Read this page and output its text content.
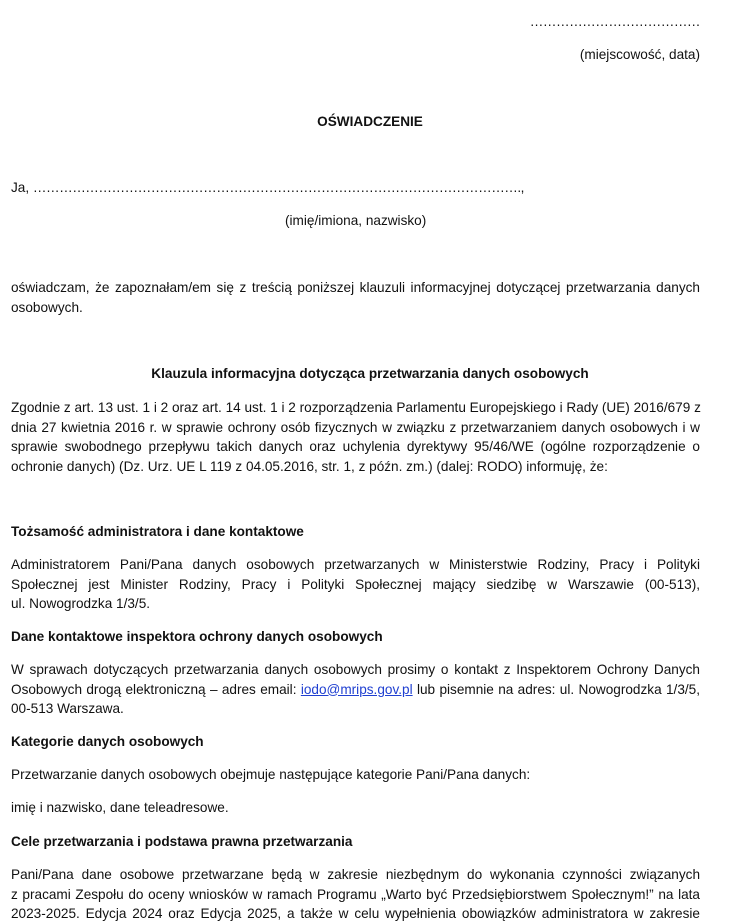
…………………………………

(miejscowość, data)

OŚWIADCZENIE

Ja, ………………………………………………………………………………………………….,

(imię/imiona, nazwisko)

oświadczam, że zapoznałam/em się z treścią poniższej klauzuli informacyjnej dotyczącej przetwarzania danych
osobowych.

Klauzula informacyjna dotycząca przetwarzania danych osobowych

Zgodnie z art. 13 ust. 1 i 2 oraz art. 14 ust. 1 i 2 rozporządzenia Parlamentu Europejskiego i Rady (UE) 2016/679 z
dnia 27 kwietnia 2016 r. w sprawie ochrony osób fizycznych w związku z przetwarzaniem danych osobowych i w
sprawie swobodnego przepływu takich danych oraz uchylenia dyrektywy 95/46/WE (ogólne rozporządzenie o
ochronie danych) (Dz. Urz. UE L 119 z 04.05.2016, str. 1, z późn. zm.) (dalej: RODO) informuję, że:

Tożsamość administratora i dane kontaktowe

Administratorem Pani/Pana danych osobowych przetwarzanych w Ministerstwie Rodziny, Pracy i Polityki
Społecznej jest Minister Rodziny, Pracy i Polityki Społecznej mający siedzibę w Warszawie (00-513),
ul. Nowogrodzka 1/3/5.

Dane kontaktowe inspektora ochrony danych osobowych

W sprawach dotyczących przetwarzania danych osobowych prosimy o kontakt z Inspektorem Ochrony Danych
Osobowych drogą elektroniczną – adres email: iodo@mrips.gov.pl lub pisemnie na adres: ul. Nowogrodzka 1/3/5,
00-513 Warszawa.

Kategorie danych osobowych

Przetwarzanie danych osobowych obejmuje następujące kategorie Pani/Pana danych:

imię i nazwisko, dane teleadresowe.

Cele przetwarzania i podstawa prawna przetwarzania

Pani/Pana dane osobowe przetwarzane będą w zakresie niezbędnym do wykonania czynności związanych
z pracami Zespołu do oceny wniosków w ramach Programu „Warto być Przedsiębiorstwem Społecznym!” na lata
2023-2025. Edycja 2024 oraz Edycja 2025, a także w celu wypełnienia obowiązków administratora w zakresie
